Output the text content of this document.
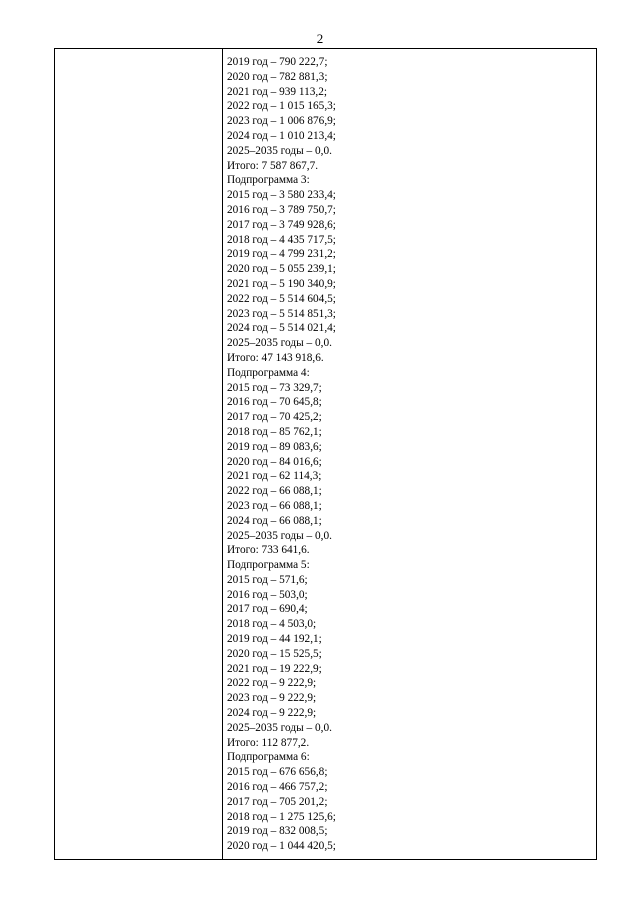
2
2019 год – 790 222,7;
2020 год – 782 881,3;
2021 год – 939 113,2;
2022 год – 1 015 165,3;
2023 год – 1 006 876,9;
2024 год – 1 010 213,4;
2025–2035 годы – 0,0.
Итого: 7 587 867,7.
Подпрограмма 3:
2015 год – 3 580 233,4;
2016 год – 3 789 750,7;
2017 год – 3 749 928,6;
2018 год – 4 435 717,5;
2019 год – 4 799 231,2;
2020 год – 5 055 239,1;
2021 год – 5 190 340,9;
2022 год – 5 514 604,5;
2023 год – 5 514 851,3;
2024 год – 5 514 021,4;
2025–2035 годы – 0,0.
Итого: 47 143 918,6.
Подпрограмма 4:
2015 год – 73 329,7;
2016 год – 70 645,8;
2017 год – 70 425,2;
2018 год – 85 762,1;
2019 год – 89 083,6;
2020 год – 84 016,6;
2021 год – 62 114,3;
2022 год – 66 088,1;
2023 год – 66 088,1;
2024 год – 66 088,1;
2025–2035 годы – 0,0.
Итого: 733 641,6.
Подпрограмма 5:
2015 год – 571,6;
2016 год – 503,0;
2017 год – 690,4;
2018 год – 4 503,0;
2019 год – 44 192,1;
2020 год – 15 525,5;
2021 год – 19 222,9;
2022 год – 9 222,9;
2023 год – 9 222,9;
2024 год – 9 222,9;
2025–2035 годы – 0,0.
Итого: 112 877,2.
Подпрограмма 6:
2015 год – 676 656,8;
2016 год – 466 757,2;
2017 год – 705 201,2;
2018 год – 1 275 125,6;
2019 год – 832 008,5;
2020 год – 1 044 420,5;
